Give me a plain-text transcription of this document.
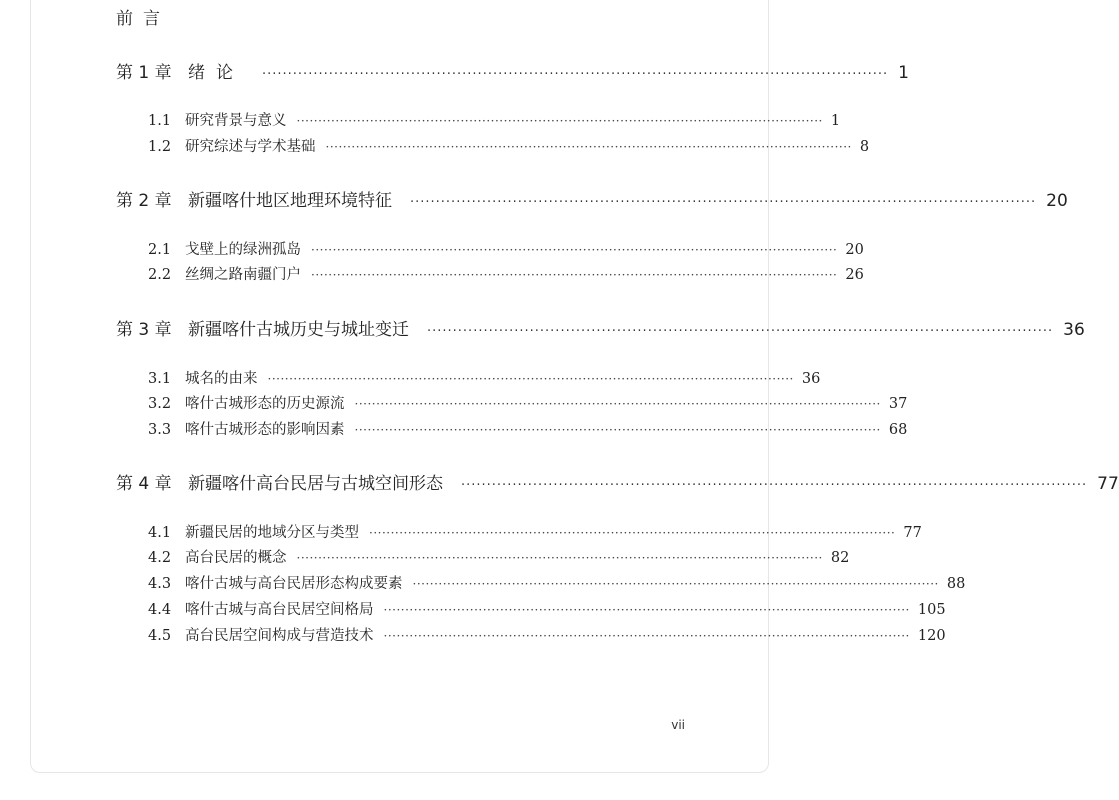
前言
第 1 章 绪论 ·························································································································· 1
1.1 研究背景与意义 ·························································································································· 1
1.2 研究综述与学术基础 ·························································································································· 8
第 2 章 新疆喀什地区地理环境特征 ·························································································································· 20
2.1 戈壁上的绿洲孤岛 ·························································································································· 20
2.2 丝绸之路南疆门户 ·························································································································· 26
第 3 章 新疆喀什古城历史与城址变迁 ·························································································································· 36
3.1 城名的由来 ·························································································································· 36
3.2 喀什古城形态的历史源流 ·························································································································· 37
3.3 喀什古城形态的影响因素 ·························································································································· 68
第 4 章 新疆喀什高台民居与古城空间形态 ·························································································································· 77
4.1 新疆民居的地域分区与类型 ·························································································································· 77
4.2 高台民居的概念 ·························································································································· 82
4.3 喀什古城与高台民居形态构成要素 ·························································································································· 88
4.4 喀什古城与高台民居空间格局 ·························································································································· 105
4.5 高台民居空间构成与营造技术 ·························································································································· 120
vii
